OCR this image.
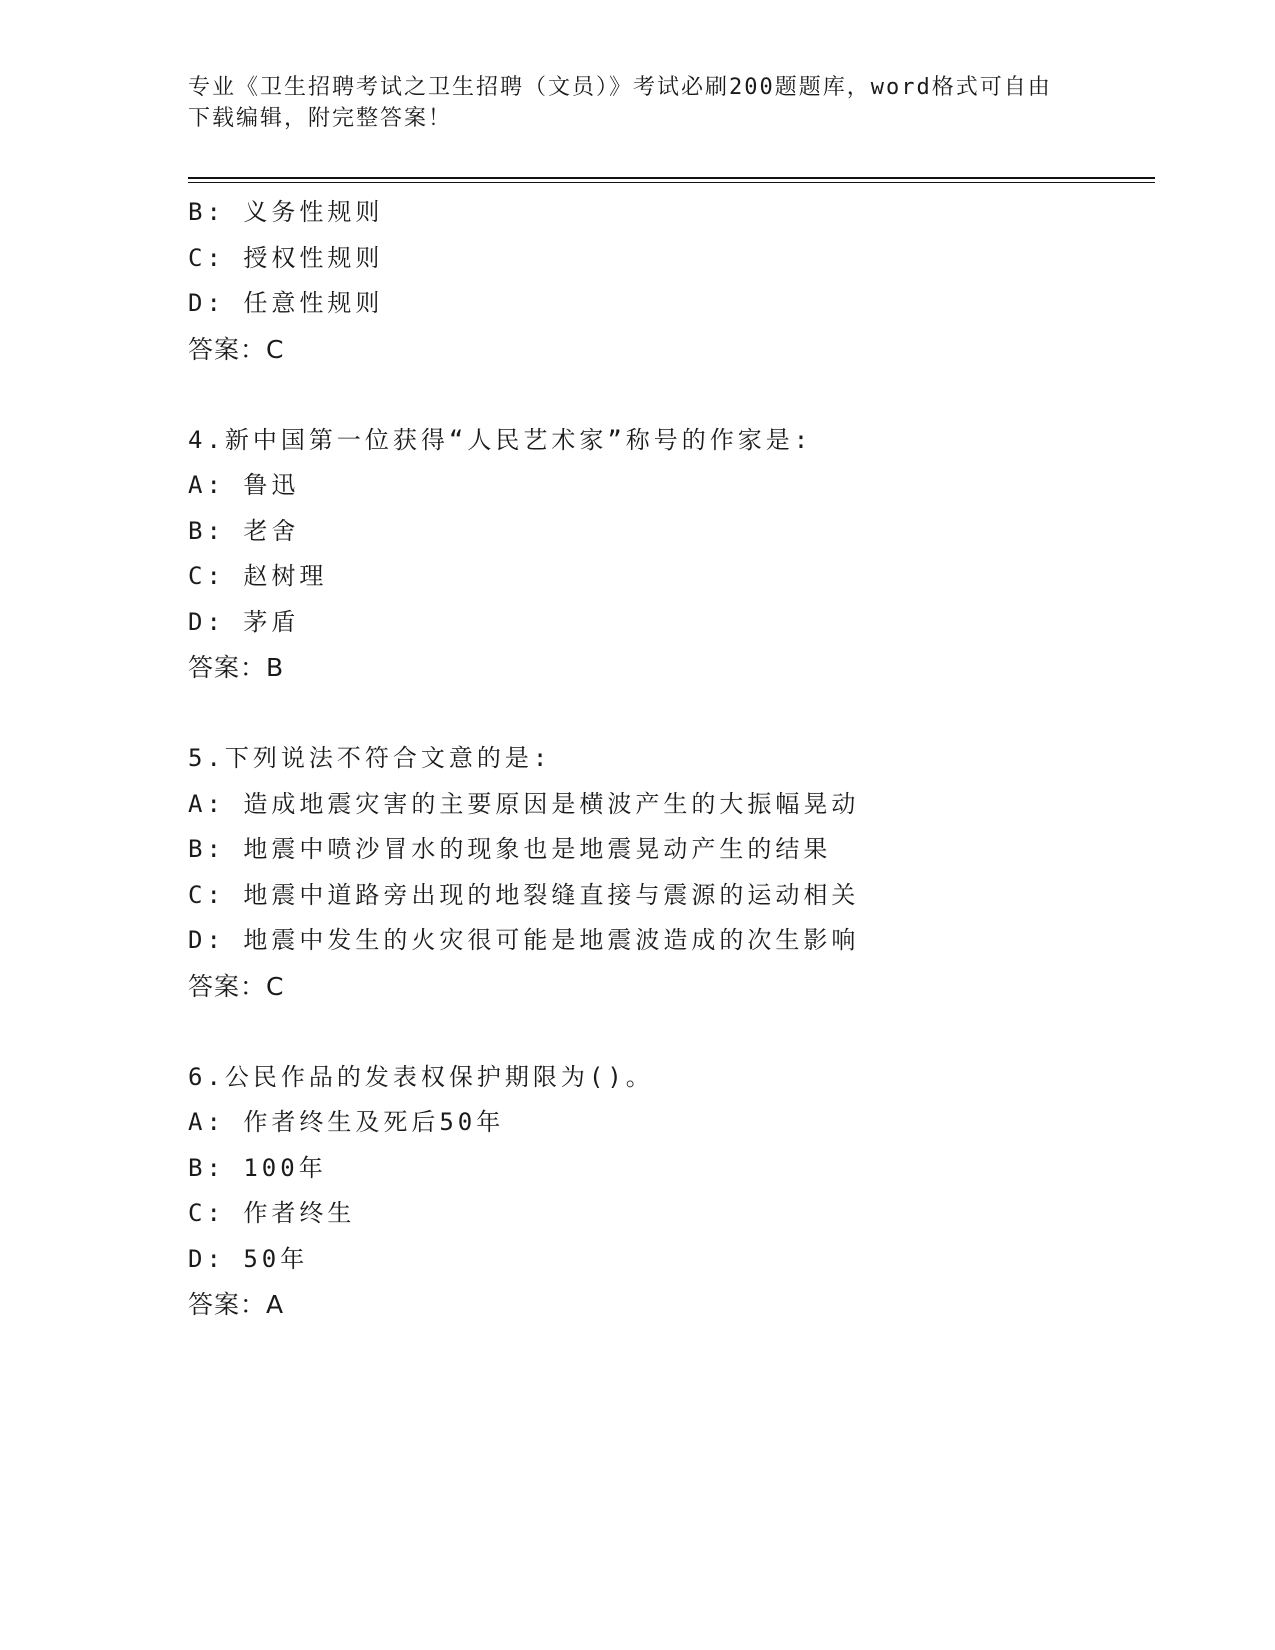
专业《卫生招聘考试之卫生招聘（文员）》考试必刷200题题库，word格式可自由下载编辑，附完整答案！
B: 义务性规则
C: 授权性规则
D: 任意性规则
答案：C
4.新中国第一位获得“人民艺术家”称号的作家是:
A: 鲁迅
B: 老舍
C: 赵树理
D: 茅盾
答案：B
5.下列说法不符合文意的是:
A: 造成地震灾害的主要原因是横波产生的大振幅晃动
B: 地震中喷沙冒水的现象也是地震晃动产生的结果
C: 地震中道路旁出现的地裂缝直接与震源的运动相关
D: 地震中发生的火灾很可能是地震波造成的次生影响
答案：C
6.公民作品的发表权保护期限为()。
A: 作者终生及死后50年
B: 100年
C: 作者终生
D: 50年
答案：A
